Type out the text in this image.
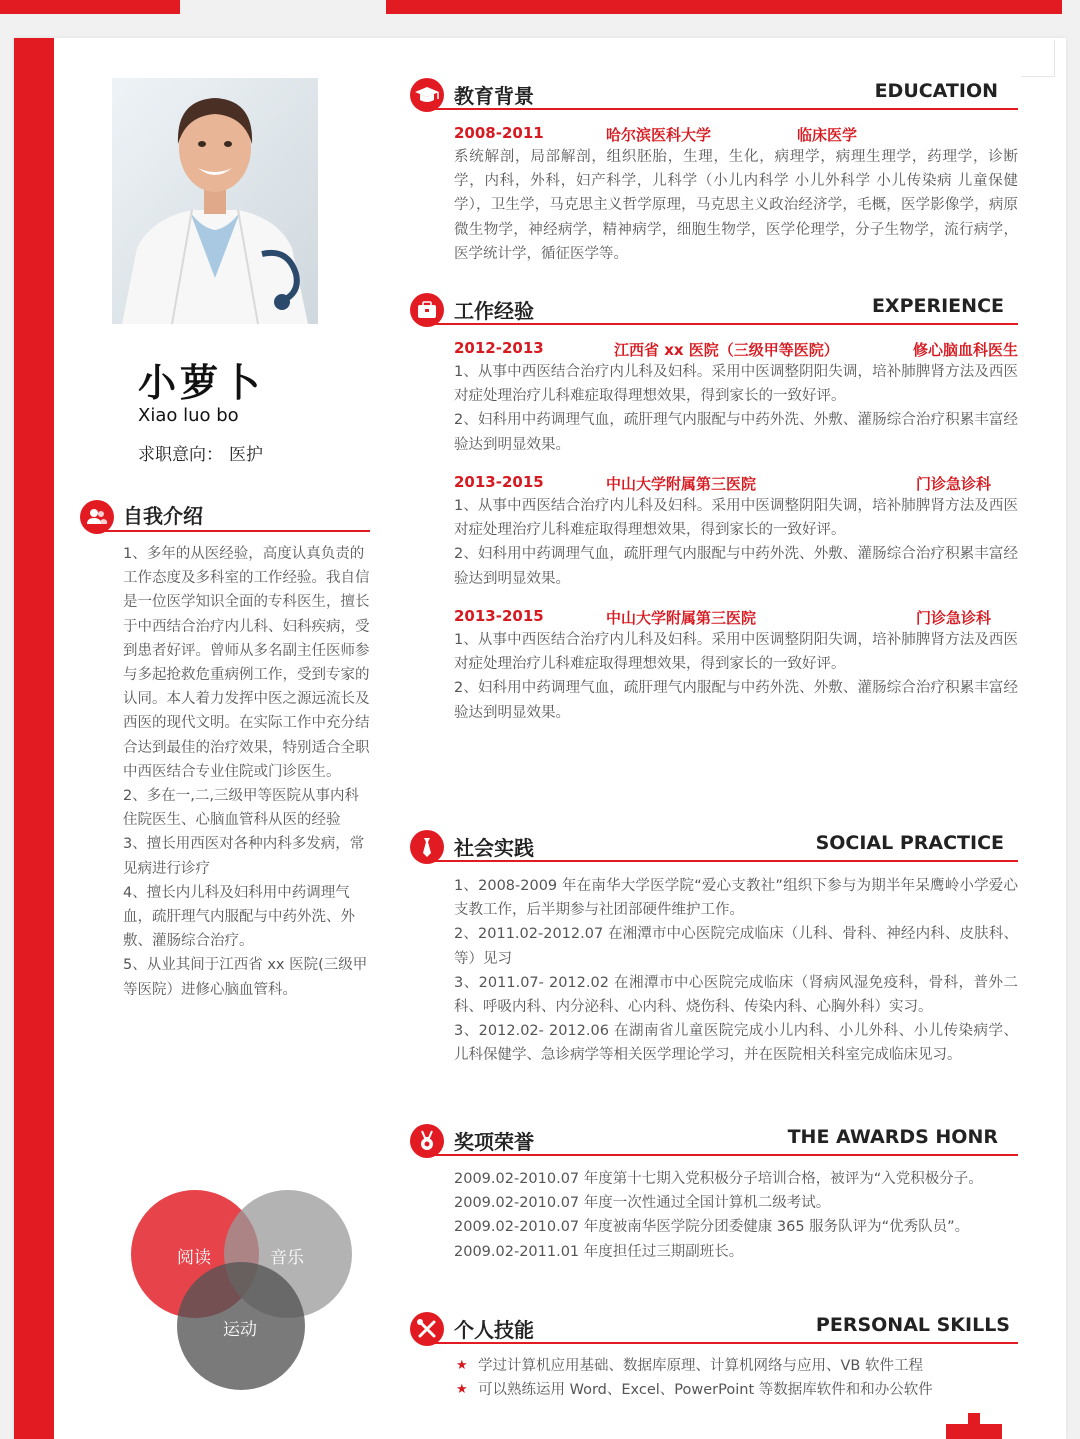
小萝卜
Xiao luo bo
求职意向： 医护
自我介绍

1、多年的从医经验，高度认真负责的工作态度及多科室的工作经验。我自信是一位医学知识全面的专科医生，擅长于中西结合治疗内儿科、妇科疾病，受到患者好评。曾师从多名副主任医师参与多起抢救危重病例工作，受到专家的认同。本人着力发挥中医之源远流长及西医的现代文明。在实际工作中充分结合达到最佳的治疗效果，特别适合全职中西医结合专业住院或门诊医生。

2、多在一,二,三级甲等医院从事内科住院医生、心脑血管科从医的经验

3、擅长用西医对各种内科多发病，常见病进行诊疗

4、擅长内儿科及妇科用中药调理气血，疏肝理气内服配与中药外洗、外敷、灌肠综合治疗。

5、从业其间于江西省 xx 医院(三级甲等医院）进修心脑血管科。

教育背景	EDUCATION
2008-2011	哈尔滨医科大学	临床医学
系统解剖，局部解剖，组织胚胎，生理，生化，病理学，病理生理学，药理学，诊断学，内科，外科，妇产科学，儿科学（小儿内科学 小儿外科学 小儿传染病 儿童保健学），卫生学，马克思主义哲学原理，马克思主义政治经济学，毛概，医学影像学，病原微生物学，神经病学，精神病学，细胞生物学，医学伦理学，分子生物学，流行病学，医学统计学，循征医学等。
工作经验	EXPERIENCE
2012-2013	江西省 xx 医院（三级甲等医院）	修心脑血科医生

1、从事中西医结合治疗内儿科及妇科。采用中医调整阴阳失调，培补肺脾肾方法及西医对症处理治疗儿科难症取得理想效果，得到家长的一致好评。

2、妇科用中药调理气血，疏肝理气内服配与中药外洗、外敷、灌肠综合治疗积累丰富经验达到明显效果。

2013-2015	中山大学附属第三医院	门诊急诊科

1、从事中西医结合治疗内儿科及妇科。采用中医调整阴阳失调，培补肺脾肾方法及西医对症处理治疗儿科难症取得理想效果，得到家长的一致好评。

2、妇科用中药调理气血，疏肝理气内服配与中药外洗、外敷、灌肠综合治疗积累丰富经验达到明显效果。

2013-2015	中山大学附属第三医院	门诊急诊科

1、从事中西医结合治疗内儿科及妇科。采用中医调整阴阳失调，培补肺脾肾方法及西医对症处理治疗儿科难症取得理想效果，得到家长的一致好评。

2、妇科用中药调理气血，疏肝理气内服配与中药外洗、外敷、灌肠综合治疗积累丰富经验达到明显效果。

社会实践	SOCIAL PRACTICE

1、2008-2009 年在南华大学医学院“爱心支教社”组织下参与为期半年呆鹰岭小学爱心支教工作，后半期参与社团部硬件维护工作。

2、2011.02-2012.07 在湘潭市中心医院完成临床（儿科、骨科、神经内科、皮肤科、等）见习

3、2011.07- 2012.02 在湘潭市中心医院完成临床（肾病风湿免疫科，骨科，普外二科、呼吸内科、内分泌科、心内科、烧伤科、传染内科、心胸外科）实习。

3、2012.02- 2012.06 在湖南省儿童医院完成小儿内科、小儿外科、小儿传染病学、儿科保健学、急诊病学等相关医学理论学习，并在医院相关科室完成临床见习。

奖项荣誉	THE AWARDS HONR

2009.02-2010.07 年度第十七期入党积极分子培训合格，被评为“入党积极分子。

2009.02-2010.07 年度一次性通过全国计算机二级考试。

2009.02-2010.07 年度被南华医学院分团委健康 365 服务队评为“优秀队员”。

2009.02-2011.01 年度担任过三期副班长。

个人技能	PERSONAL SKILLS
★ 学过计算机应用基础、数据库原理、计算机网络与应用、VB 软件工程
★ 可以熟练运用 Word、Excel、PowerPoint 等数据库软件和和办公软件
阅读	音乐
运动
